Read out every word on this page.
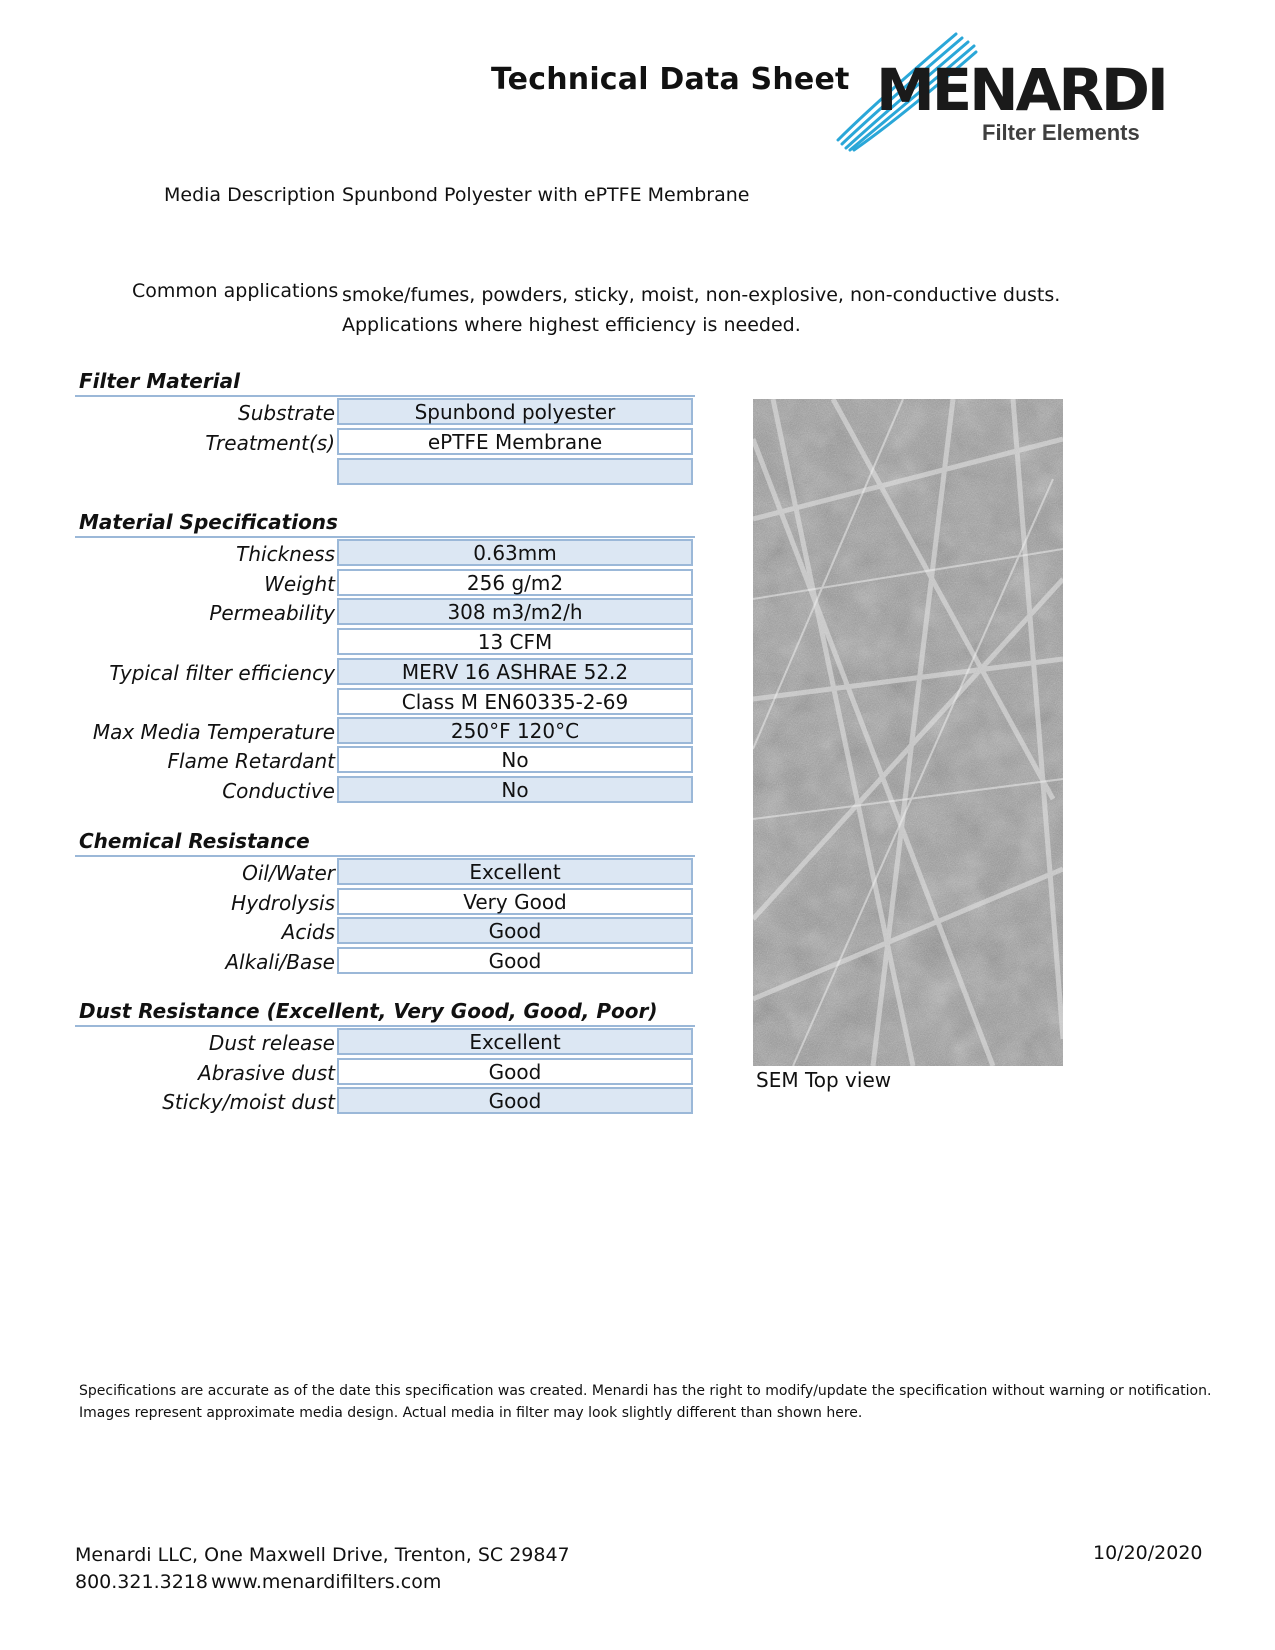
Technical Data Sheet MENARDI
Filter Elements
Media Description Spunbond Polyester with ePTFE Membrane
Common applications smoke/fumes, powders, sticky, moist, non-explosive, non-conductive dusts. Applications where highest efficiency is needed.
Filter Material
Substrate	Spunbond polyester
Treatment(s)	ePTFE Membrane
Material Specifications
Thickness	0.63mm
Weight	256 g/m2
Permeability	308 m3/m2/h
13 CFM
Typical filter efficiency	MERV 16 ASHRAE 52.2
Class M EN60335-2-69
Max Media Temperature	250°F 120°C
Flame Retardant	No
Conductive	No
Chemical Resistance
Oil/Water	Excellent
Hydrolysis	Very Good
Acids	Good
Alkali/Base	Good
Dust Resistance (Excellent, Very Good, Good, Poor)
Dust release	Excellent
Abrasive dust	Good
Sticky/moist dust	Good
SEM Top view
Specifications are accurate as of the date this specification was created. Menardi has the right to modify/update the specification without warning or notification.
Images represent approximate media design. Actual media in filter may look slightly different than shown here.
Menardi LLC, One Maxwell Drive, Trenton, SC 29847
800.321.3218 www.menardifilters.com
10/20/2020
